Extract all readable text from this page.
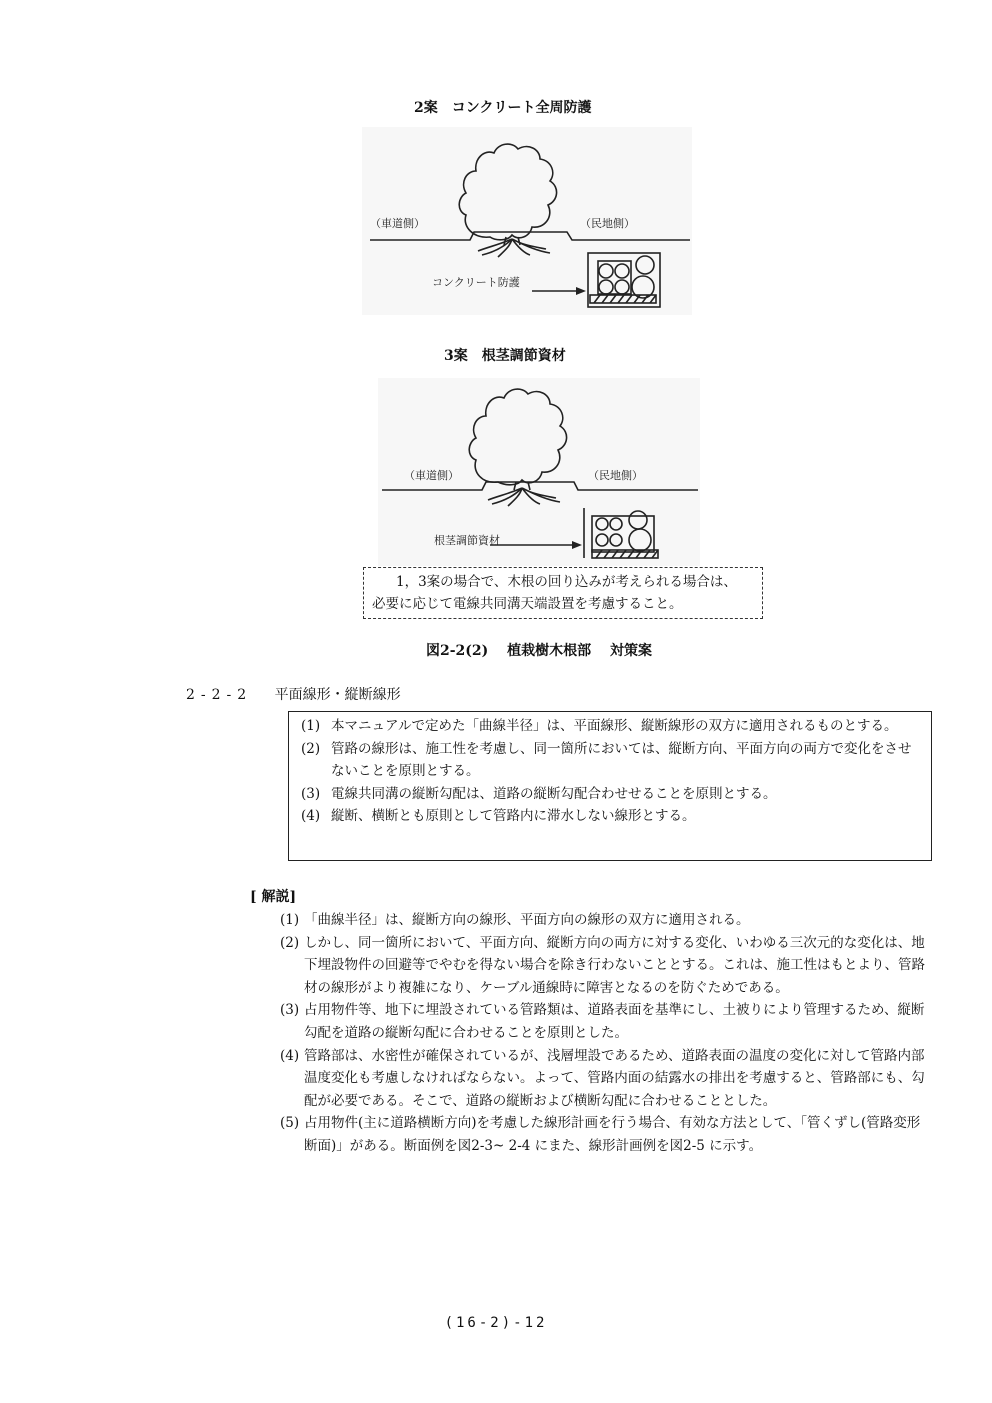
2案　コンクリート全周防護
（車道側）	（民地側）
コンクリート防護
3案　根茎調節資材
（車道側）	（民地側）
根茎調節資材
1，3案の場合で、木根の回り込みが考えられる場合は、
必要に応じて電線共同溝天端設置を考慮すること。
図2-2(2)　 植栽樹木根部　 対策案
2-2-2 平面線形・縦断線形
(1) 本マニュアルで定めた「曲線半径」は、平面線形、縦断線形の双方に適用されるものとする。
(2) 管路の線形は、施工性を考慮し、同一箇所においては、縦断方向、平面方向の両方で変化をさせないことを原則とする。
(3) 電線共同溝の縦断勾配は、道路の縦断勾配合わせせることを原則とする。
(4) 縦断、横断とも原則として管路内に滞水しない線形とする。
[ 解説]
(1) 「曲線半径」は、縦断方向の線形、平面方向の線形の双方に適用される。
(2) しかし、同一箇所において、平面方向、縦断方向の両方に対する変化、いわゆる三次元的な変化は、地下埋設物件の回避等でやむを得ない場合を除き行わないこととする。これは、施工性はもとより、管路材の線形がより複雑になり、ケーブル通線時に障害となるのを防ぐためである。
(3) 占用物件等、地下に埋設されている管路類は、道路表面を基準にし、土被りにより管理するため、縦断勾配を道路の縦断勾配に合わせることを原則とした。
(4) 管路部は、水密性が確保されているが、浅層埋設であるため、道路表面の温度の変化に対して管路内部温度変化も考慮しなければならない。よって、管路内面の結露水の排出を考慮すると、管路部にも、勾配が必要である。そこで、道路の縦断および横断勾配に合わせることとした。
(5) 占用物件(主に道路横断方向)を考慮した線形計画を行う場合、有効な方法として、「管くずし(管路変形断面)」がある。断面例を図2-3~ 2-4 にまた、線形計画例を図2-5 に示す。
(16-2)-12
